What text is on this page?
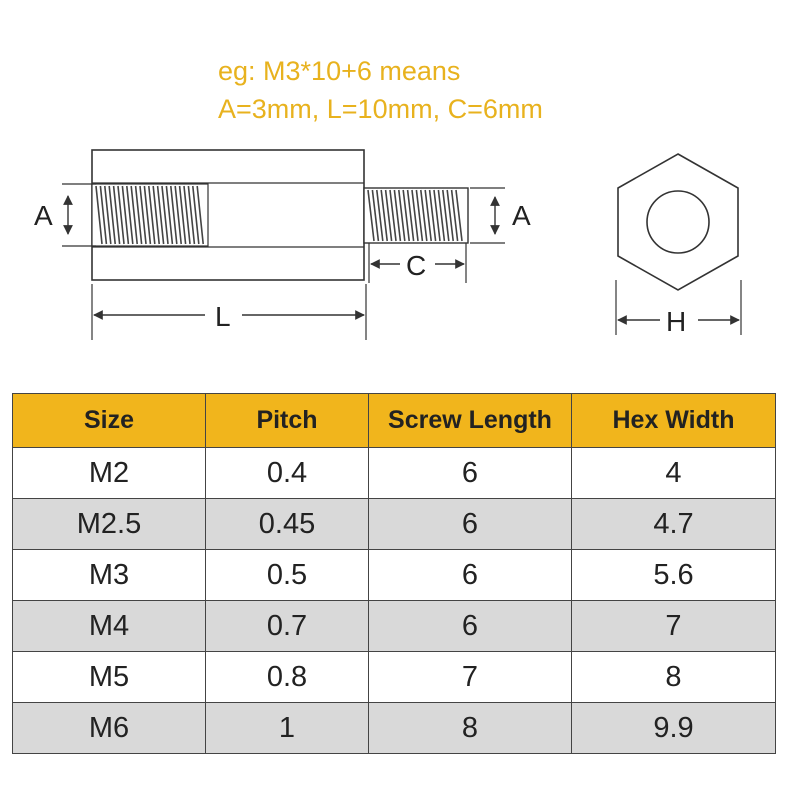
eg: M3*10+6 means
A=3mm, L=10mm, C=6mm
A	A
C
L	H
Size	Pitch	Screw Length	Hex Width
M2	0.4	6	4
M2.5	0.45	6	4.7
M3	0.5	6	5.6
M4	0.7	6	7
M5	0.8	7	8
M6	1	8	9.9
